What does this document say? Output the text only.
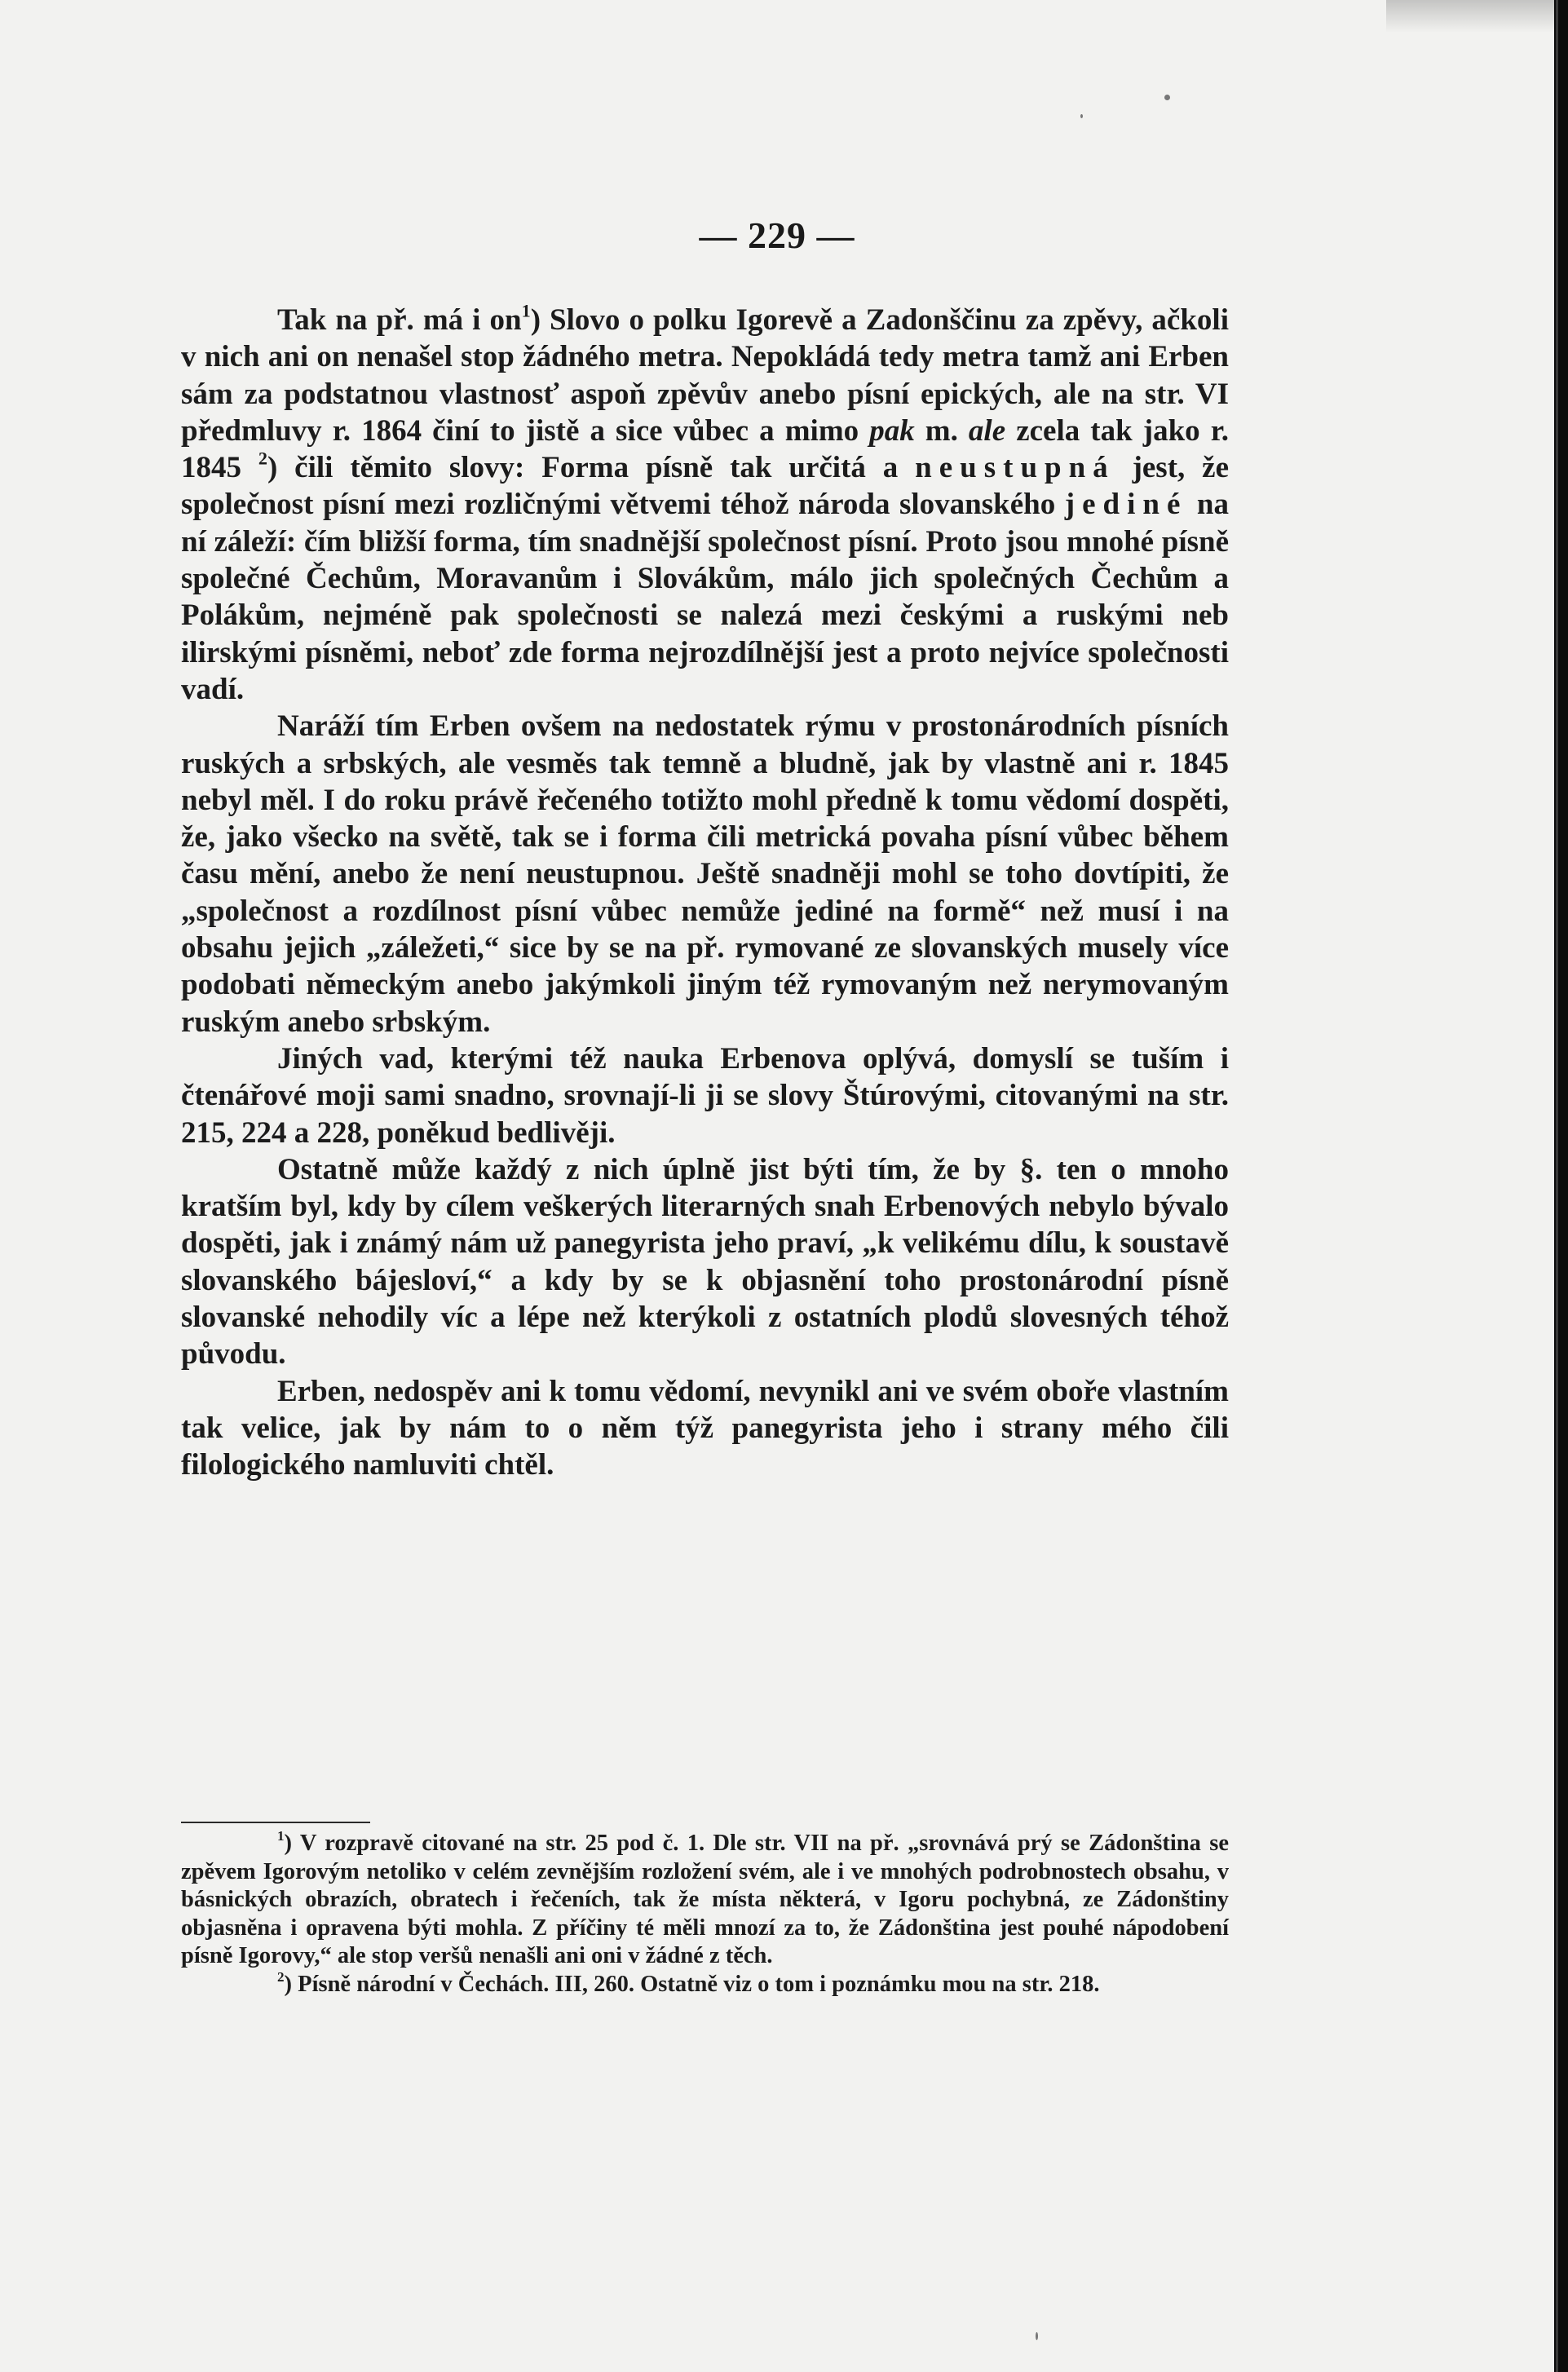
— 229 —

Tak na př. má i $on^1$) Slovo o polku Igorevě a Zadonščinu za zpěvy, ačkoli v nich ani on nenašel stop žádného metra. Nepokládá tedy metra tamž ani Erben sám za podstatnou vlastnosť aspoň zpěvův anebo písní epických, ale na str. VI předmluvy r. 1864 činí to jistě a sice vůbec a mimo pak m. ale zcela tak jako r. 1845 $^2$) čili těmito slovy: Forma písně tak určitá a neustupná jest, že společnost písní mezi rozličnými větvemi téhož národa slovanského jediné na ní záleží: čím bližší forma, tím snadnější společnost písní. Proto jsou mnohé písně společné Čechům, Moravanům i Slovákům, málo jich společných Čechům a Polákům, nejméně pak společnosti se nalezá mezi českými a ruskými neb ilirskými písněmi, neboť zde forma nejrozdílnější jest a proto nejvíce společnosti vadí.

Naráží tím Erben ovšem na nedostatek rýmu v prostonárodních písních ruských a srbských, ale vesměs tak temně a bludně, jak by vlastně ani r. 1845 nebyl měl. I do roku právě řečeného totižto mohl předně k tomu vědomí dospěti, že, jako všecko na světě, tak se i forma čili metrická povaha písní vůbec během času mění, anebo že není neustupnou. Ještě snadněji mohl se toho dovtípiti, že „společnost a rozdílnost písní vůbec nemůže jediné na formě“ než musí i na obsahu jejich „záležeti,“ sice by se na př. rymované ze slovanských musely více podobati německým anebo jakýmkoli jiným též rymovaným než nerymovaným ruským anebo srbským.

Jiných vad, kterými též nauka Erbenova oplývá, domyslí se tuším i čtenářové moji sami snadno, srovnají-li ji se slovy Štúrovými, citovanými na str. 215, 224 a 228, poněkud bedlivěji.

Ostatně může každý z nich úplně jist býti tím, že by §. ten o mnoho kratším byl, kdy by cílem veškerých literarných snah Erbenových nebylo bývalo dospěti, jak i známý nám už panegyrista jeho praví, „k velikému dílu, k soustavě slovanského bájesloví,“ a kdy by se k objasnění toho prostonárodní písně slovanské nehodily víc a lépe než kterýkoli z ostatních plodů slovesných téhož původu.

Erben, nedospěv ani k tomu vědomí, nevynikl ani ve svém oboře vlastním tak velice, jak by nám to o něm týž panegyrista jeho i strany mého čili filologického namluviti chtěl.

$^1$) V rozpravě citované na str. 25 pod č. 1. Dle str. VII na př. „srovnává prý se Zádonština se zpěvem Igorovým netoliko v celém zevnějším rozložení svém, ale i ve mnohých podrobnostech obsahu, v básnických obrazích, obratech i řečeních, tak že místa některá, v Igoru pochybná, ze Zádonštiny objasněna i opravena býti mohla. Z příčiny té měli mnozí za to, že Zádonština jest pouhé nápodobení písně Igorovy,“ ale stop veršů nenašli ani oni v žádné z těch.

$^2$) Písně národní v Čechách. III, 260. Ostatně viz o tom i poznámku mou na str. 218.
